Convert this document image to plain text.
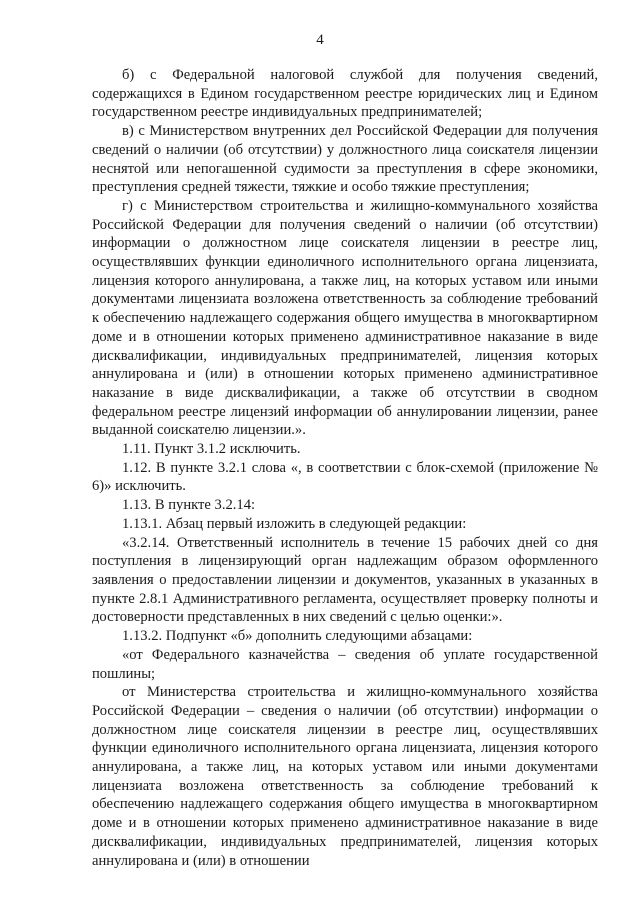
4

б) с Федеральной налоговой службой для получения сведений, содержащихся в Едином государственном реестре юридических лиц и Едином государственном реестре индивидуальных предпринимателей;

в) с Министерством внутренних дел Российской Федерации для получения сведений о наличии (об отсутствии) у должностного лица соискателя лицензии неснятой или непогашенной судимости за преступления в сфере экономики, преступления средней тяжести, тяжкие и особо тяжкие преступления;

г) с Министерством строительства и жилищно-коммунального хозяйства Российской Федерации для получения сведений о наличии (об отсутствии) информации о должностном лице соискателя лицензии в реестре лиц, осуществлявших функции единоличного исполнительного органа лицензиата, лицензия которого аннулирована, а также лиц, на которых уставом или иными документами лицензиата возложена ответственность за соблюдение требований к обеспечению надлежащего содержания общего имущества в многоквартирном доме и в отношении которых применено административное наказание в виде дисквалификации, индивидуальных предпринимателей, лицензия которых аннулирована и (или) в отношении которых применено административное наказание в виде дисквалификации, а также об отсутствии в сводном федеральном реестре лицензий информации об аннулировании лицензии, ранее выданной соискателю лицензии.».

1.11. Пункт 3.1.2 исключить.

1.12. В пункте 3.2.1 слова «, в соответствии с блок-схемой (приложение № 6)» исключить.

1.13. В пункте 3.2.14:

1.13.1. Абзац первый изложить в следующей редакции:

«3.2.14. Ответственный исполнитель в течение 15 рабочих дней со дня поступления в лицензирующий орган надлежащим образом оформленного заявления о предоставлении лицензии и документов, указанных в указанных в пункте 2.8.1 Административного регламента, осуществляет проверку полноты и достоверности представленных в них сведений с целью оценки:».

1.13.2. Подпункт «б» дополнить следующими абзацами:

«от Федерального казначейства – сведения об уплате государственной пошлины;

от Министерства строительства и жилищно-коммунального хозяйства Российской Федерации – сведения о наличии (об отсутствии) информации о должностном лице соискателя лицензии в реестре лиц, осуществлявших функции единоличного исполнительного органа лицензиата, лицензия которого аннулирована, а также лиц, на которых уставом или иными документами лицензиата возложена ответственность за соблюдение требований к обеспечению надлежащего содержания общего имущества в многоквартирном доме и в отношении которых применено административное наказание в виде дисквалификации, индивидуальных предпринимателей, лицензия которых аннулирована и (или) в отношении
